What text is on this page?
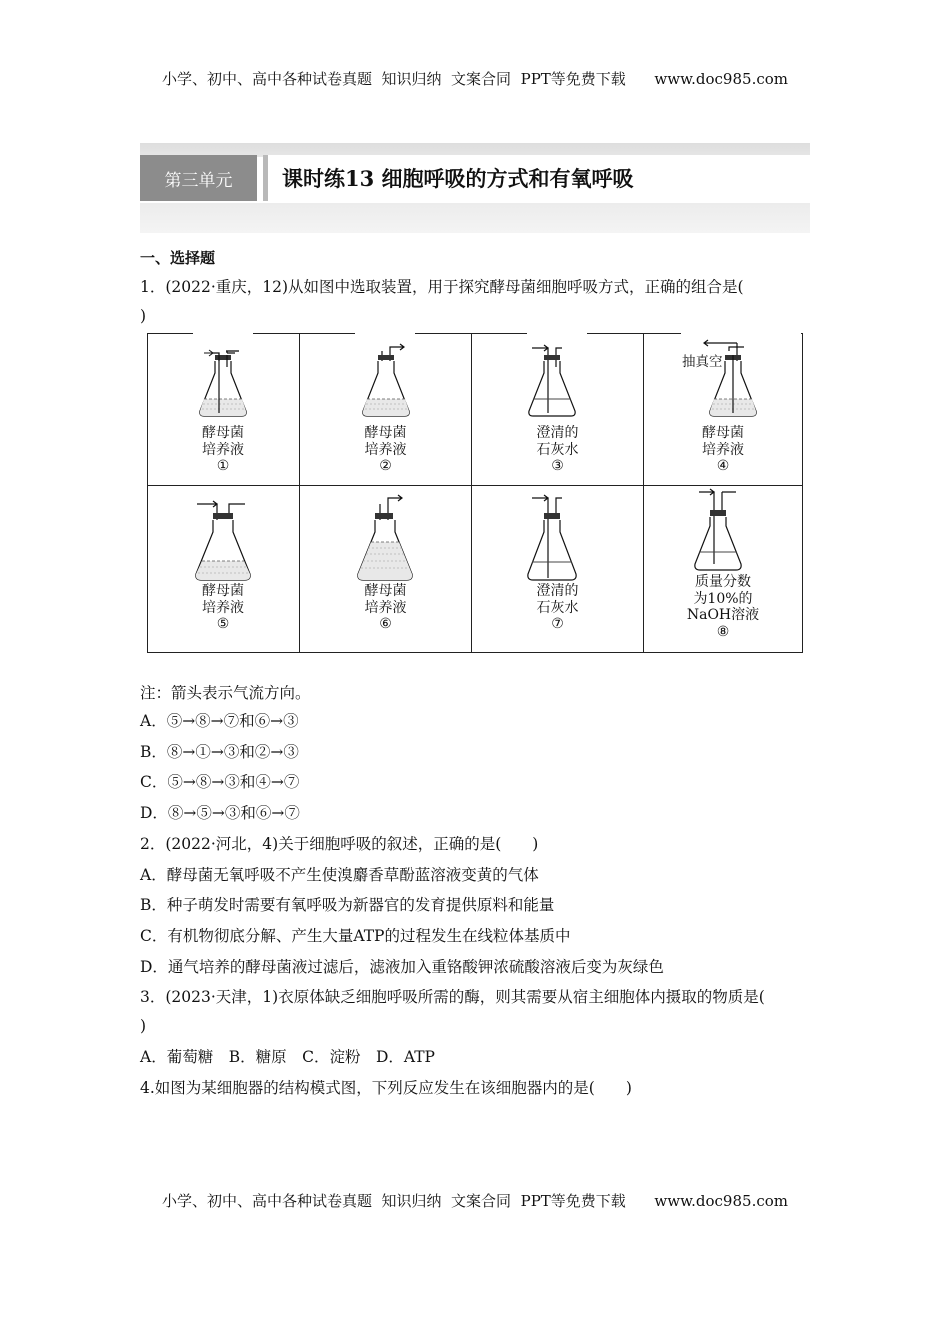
小学、初中、高中各种试卷真题  知识归纳  文案合同  PPT等免费下载      www.doc985.com
第三单元	课时练13 细胞呼吸的方式和有氧呼吸
一、选择题
1．(2022·重庆，12)从如图中选取装置，用于探究酵母菌细胞呼吸方式，正确的组合是(
)
酵母菌
培养液
①
酵母菌
培养液
②
澄清的
石灰水
③
抽真空
酵母菌
培养液
④
酵母菌
培养液
⑤
酵母菌
培养液
⑥
澄清的
石灰水
⑦
质量分数
为10%的
NaOH溶液
⑧
注：箭头表示气流方向。
A．⑤→⑧→⑦和⑥→③
B．⑧→①→③和②→③
C．⑤→⑧→③和④→⑦
D．⑧→⑤→③和⑥→⑦
2．(2022·河北，4)关于细胞呼吸的叙述，正确的是(　　)
A．酵母菌无氧呼吸不产生使溴麝香草酚蓝溶液变黄的气体
B．种子萌发时需要有氧呼吸为新器官的发育提供原料和能量
C．有机物彻底分解、产生大量ATP的过程发生在线粒体基质中
D．通气培养的酵母菌液过滤后，滤液加入重铬酸钾浓硫酸溶液后变为灰绿色
3．(2023·天津，1)衣原体缺乏细胞呼吸所需的酶，则其需要从宿主细胞体内摄取的物质是(
)
A．葡萄糖　B．糖原　C．淀粉　D．ATP
4.如图为某细胞器的结构模式图，下列反应发生在该细胞器内的是(　　)
小学、初中、高中各种试卷真题  知识归纳  文案合同  PPT等免费下载      www.doc985.com
